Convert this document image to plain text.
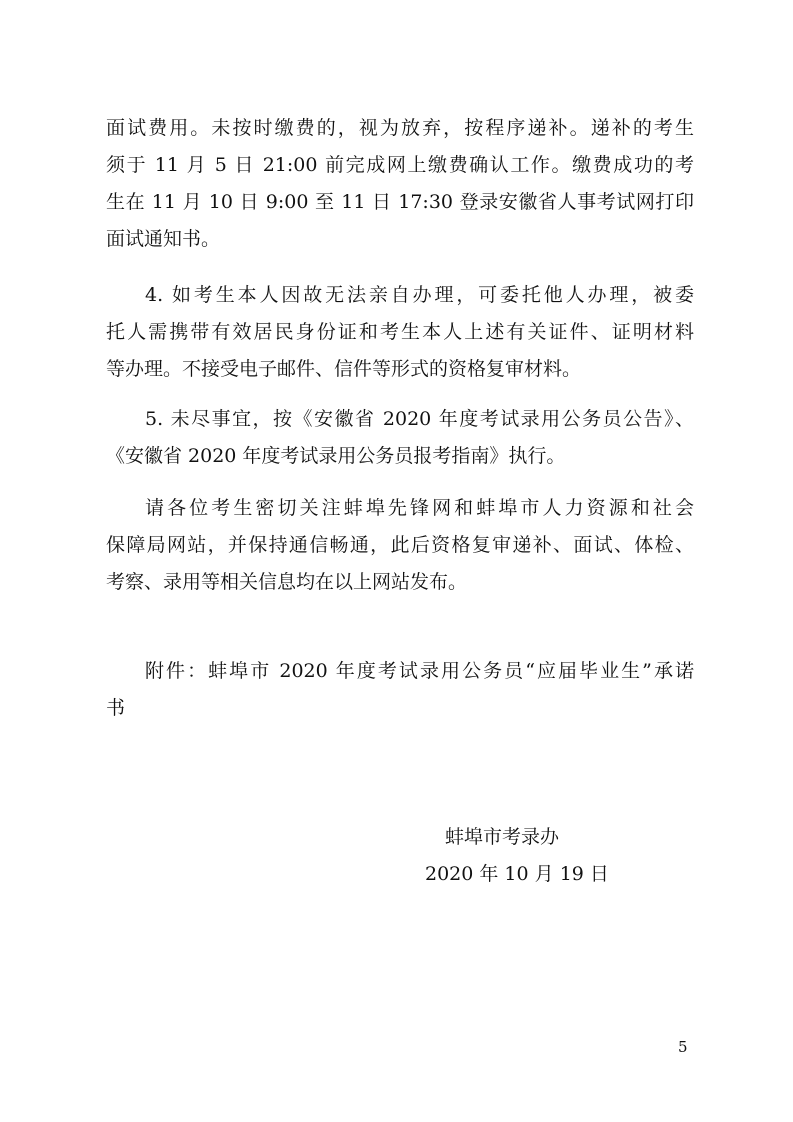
面试费用。未按时缴费的，视为放弃，按程序递补。递补的考生
须于 11 月 5 日 21:00 前完成网上缴费确认工作。缴费成功的考
生在 11 月 10 日 9:00 至 11 日 17:30 登录安徽省人事考试网打印
面试通知书。
4. 如考生本人因故无法亲自办理，可委托他人办理，被委
托人需携带有效居民身份证和考生本人上述有关证件、证明材料
等办理。不接受电子邮件、信件等形式的资格复审材料。
5. 未尽事宜，按《安徽省 2020 年度考试录用公务员公告》、
《安徽省 2020 年度考试录用公务员报考指南》执行。
请各位考生密切关注蚌埠先锋网和蚌埠市人力资源和社会
保障局网站，并保持通信畅通，此后资格复审递补、面试、体检、
考察、录用等相关信息均在以上网站发布。
附件：蚌埠市 2020 年度考试录用公务员“应届毕业生”承诺
书
蚌埠市考录办
2020 年 10 月 19 日
5
